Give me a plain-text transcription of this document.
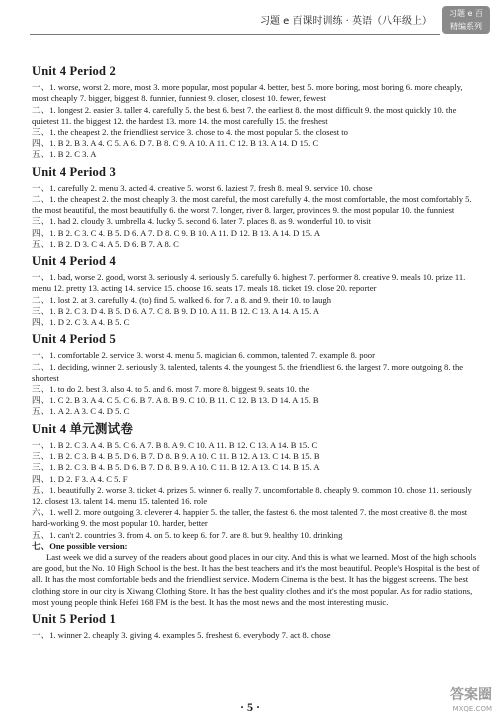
习题 e 百课时训练 · 英语（八年级上）
习题 e 百
精编系列
Unit 4 Period 2
一、1. worse, worst 2. more, most 3. more popular, most popular 4. better, best 5. more boring, most boring 6. more cheaply, most cheaply 7. bigger, biggest 8. funnier, funniest 9. closer, closest 10. fewer, fewest
二、1. longest 2. easier 3. taller 4. carefully 5. the best 6. best 7. the earliest 8. the most difficult 9. the most quickly 10. the quietest 11. the biggest 12. the hardest 13. more 14. the most carefully 15. the freshest
三、1. the cheapest 2. the friendliest service 3. chose to 4. the most popular 5. the closest to
四、1. B 2. B 3. A 4. C 5. A 6. D 7. B 8. C 9. A 10. A 11. C 12. B 13. A 14. D 15. C
五、1. B 2. C 3. A
Unit 4 Period 3
一、1. carefully 2. menu 3. acted 4. creative 5. worst 6. laziest 7. fresh 8. meal 9. service 10. chose
二、1. the cheapest 2. the most cheaply 3. the most careful, the most carefully 4. the most comfortable, the most comfortably 5. the most beautiful, the most beautifully 6. the worst 7. longer, river 8. larger, provinces 9. the most popular 10. the funniest
三、1. had 2. cloudy 3. umbrella 4. lucky 5. second 6. later 7. places 8. as 9. wonderful 10. to visit
四、1. B 2. C 3. C 4. B 5. D 6. A 7. D 8. C 9. B 10. A 11. D 12. B 13. A 14. D 15. A
五、1. B 2. D 3. C 4. A 5. D 6. B 7. A 8. C
Unit 4 Period 4
一、1. bad, worse 2. good, worst 3. seriously 4. seriously 5. carefully 6. highest 7. performer 8. creative 9. meals 10. prize 11. menu 12. pretty 13. acting 14. service 15. choose 16. seats 17. meals 18. ticket 19. close 20. reporter
二、1. lost 2. at 3. carefully 4. (to) find 5. walked 6. for 7. a 8. and 9. their 10. to laugh
三、1. B 2. C 3. D 4. B 5. D 6. A 7. C 8. B 9. D 10. A 11. B 12. C 13. A 14. A 15. A
四、1. D 2. C 3. A 4. B 5. C
Unit 4 Period 5
一、1. comfortable 2. service 3. worst 4. menu 5. magician 6. common, talented 7. example 8. poor
二、1. deciding, winner 2. seriously 3. talented, talents 4. the youngest 5. the friendliest 6. the largest 7. more outgoing 8. the shortest
三、1. to do 2. best 3. also 4. to 5. and 6. most 7. more 8. biggest 9. seats 10. the
四、1. C 2. B 3. A 4. C 5. C 6. B 7. A 8. B 9. C 10. B 11. C 12. B 13. D 14. A 15. B
五、1. A 2. A 3. C 4. D 5. C
Unit 4 单元测试卷
一、1. B 2. C 3. A 4. B 5. C 6. A 7. B 8. A 9. C 10. A 11. B 12. C 13. A 14. B 15. C
三、1. B 2. C 3. B 4. B 5. D 6. B 7. D 8. B 9. A 10. C 11. B 12. A 13. C 14. B 15. B
三、1. B 2. C 3. B 4. B 5. D 6. B 7. D 8. B 9. A 10. C 11. B 12. A 13. C 14. B 15. A
四、1. D 2. F 3. A 4. C 5. F
五、1. beautifully 2. worse 3. ticket 4. prizes 5. winner 6. really 7. uncomfortable 8. cheaply 9. common 10. chose 11. seriously 12. closest 13. talent 14. menu 15. talented 16. role
六、1. well 2. more outgoing 3. cleverer 4. happier 5. the taller, the fastest 6. the most talented 7. the most creative 8. the most hard-working 9. the most popular 10. harder, better
五、1. can't 2. countries 3. from 4. on 5. to keep 6. for 7. are 8. but 9. healthy 10. drinking
七、One possible version:
Last week we did a survey of the readers about good places in our city. And this is what we learned. Most of the high schools are good, but the No. 10 High School is the best. It has the best teachers and it's the most beautiful. People's Hospital is the best of all. It has the most comfortable beds and the friendliest service. Modern Cinema is the best. It has the biggest screens. The best clothing store in our city is Xiwang Clothing Store. It has the best quality clothes and it's the most popular. As for radio stations, most young people think Hefei 168 FM is the best. It has the most news and the most interesting music.
Unit 5 Period 1
一、1. winner 2. cheaply 3. giving 4. examples 5. freshest 6. everybody 7. act 8. chose
· 5 ·
答案圈
MXQE.COM
